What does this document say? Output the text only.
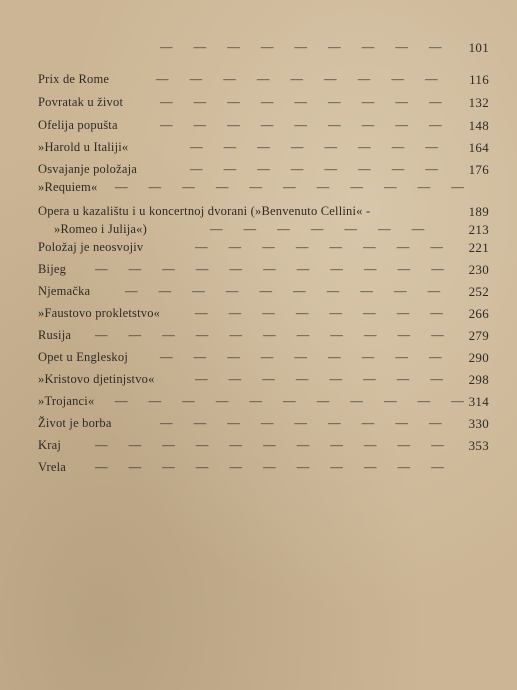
— — — — — — — — — 101
Prix de Rome	— — — — — — — — — 116
Povratak u život	— — — — — — — — — 132
Ofelija popušta	— — — — — — — — — 148
»Harold u Italiji«	— — — — — — — — 164
Osvajanje položaja	— — — — — — — — 176
»Requiem« — — — — — — — — — — —
Opera u kazalištu i u koncertnoj dvorani (»Benvenuto Cellini« -	189
»Romeo i Julija«)	— — — — — — —	213
Položaj je neosvojiv	— — — — — — — — 221
Bijeg — — — — — — — — — — — 230
Njemačka	— — — — — — — — — — 252
»Faustovo prokletstvo«	— — — — — — — — 266
Rusija — — — — — — — — — — — 279
Opet u Engleskoj	— — — — — — — — — 290
»Kristovo djetinjstvo«	— — — — — — — — 298
»Trojanci« — — — — — — — — — — — 314
Život je borba	— — — — — — — — — 330
Kraj	— — — — — — — — — — — 353
Vrela — — — — — — — — — — —
